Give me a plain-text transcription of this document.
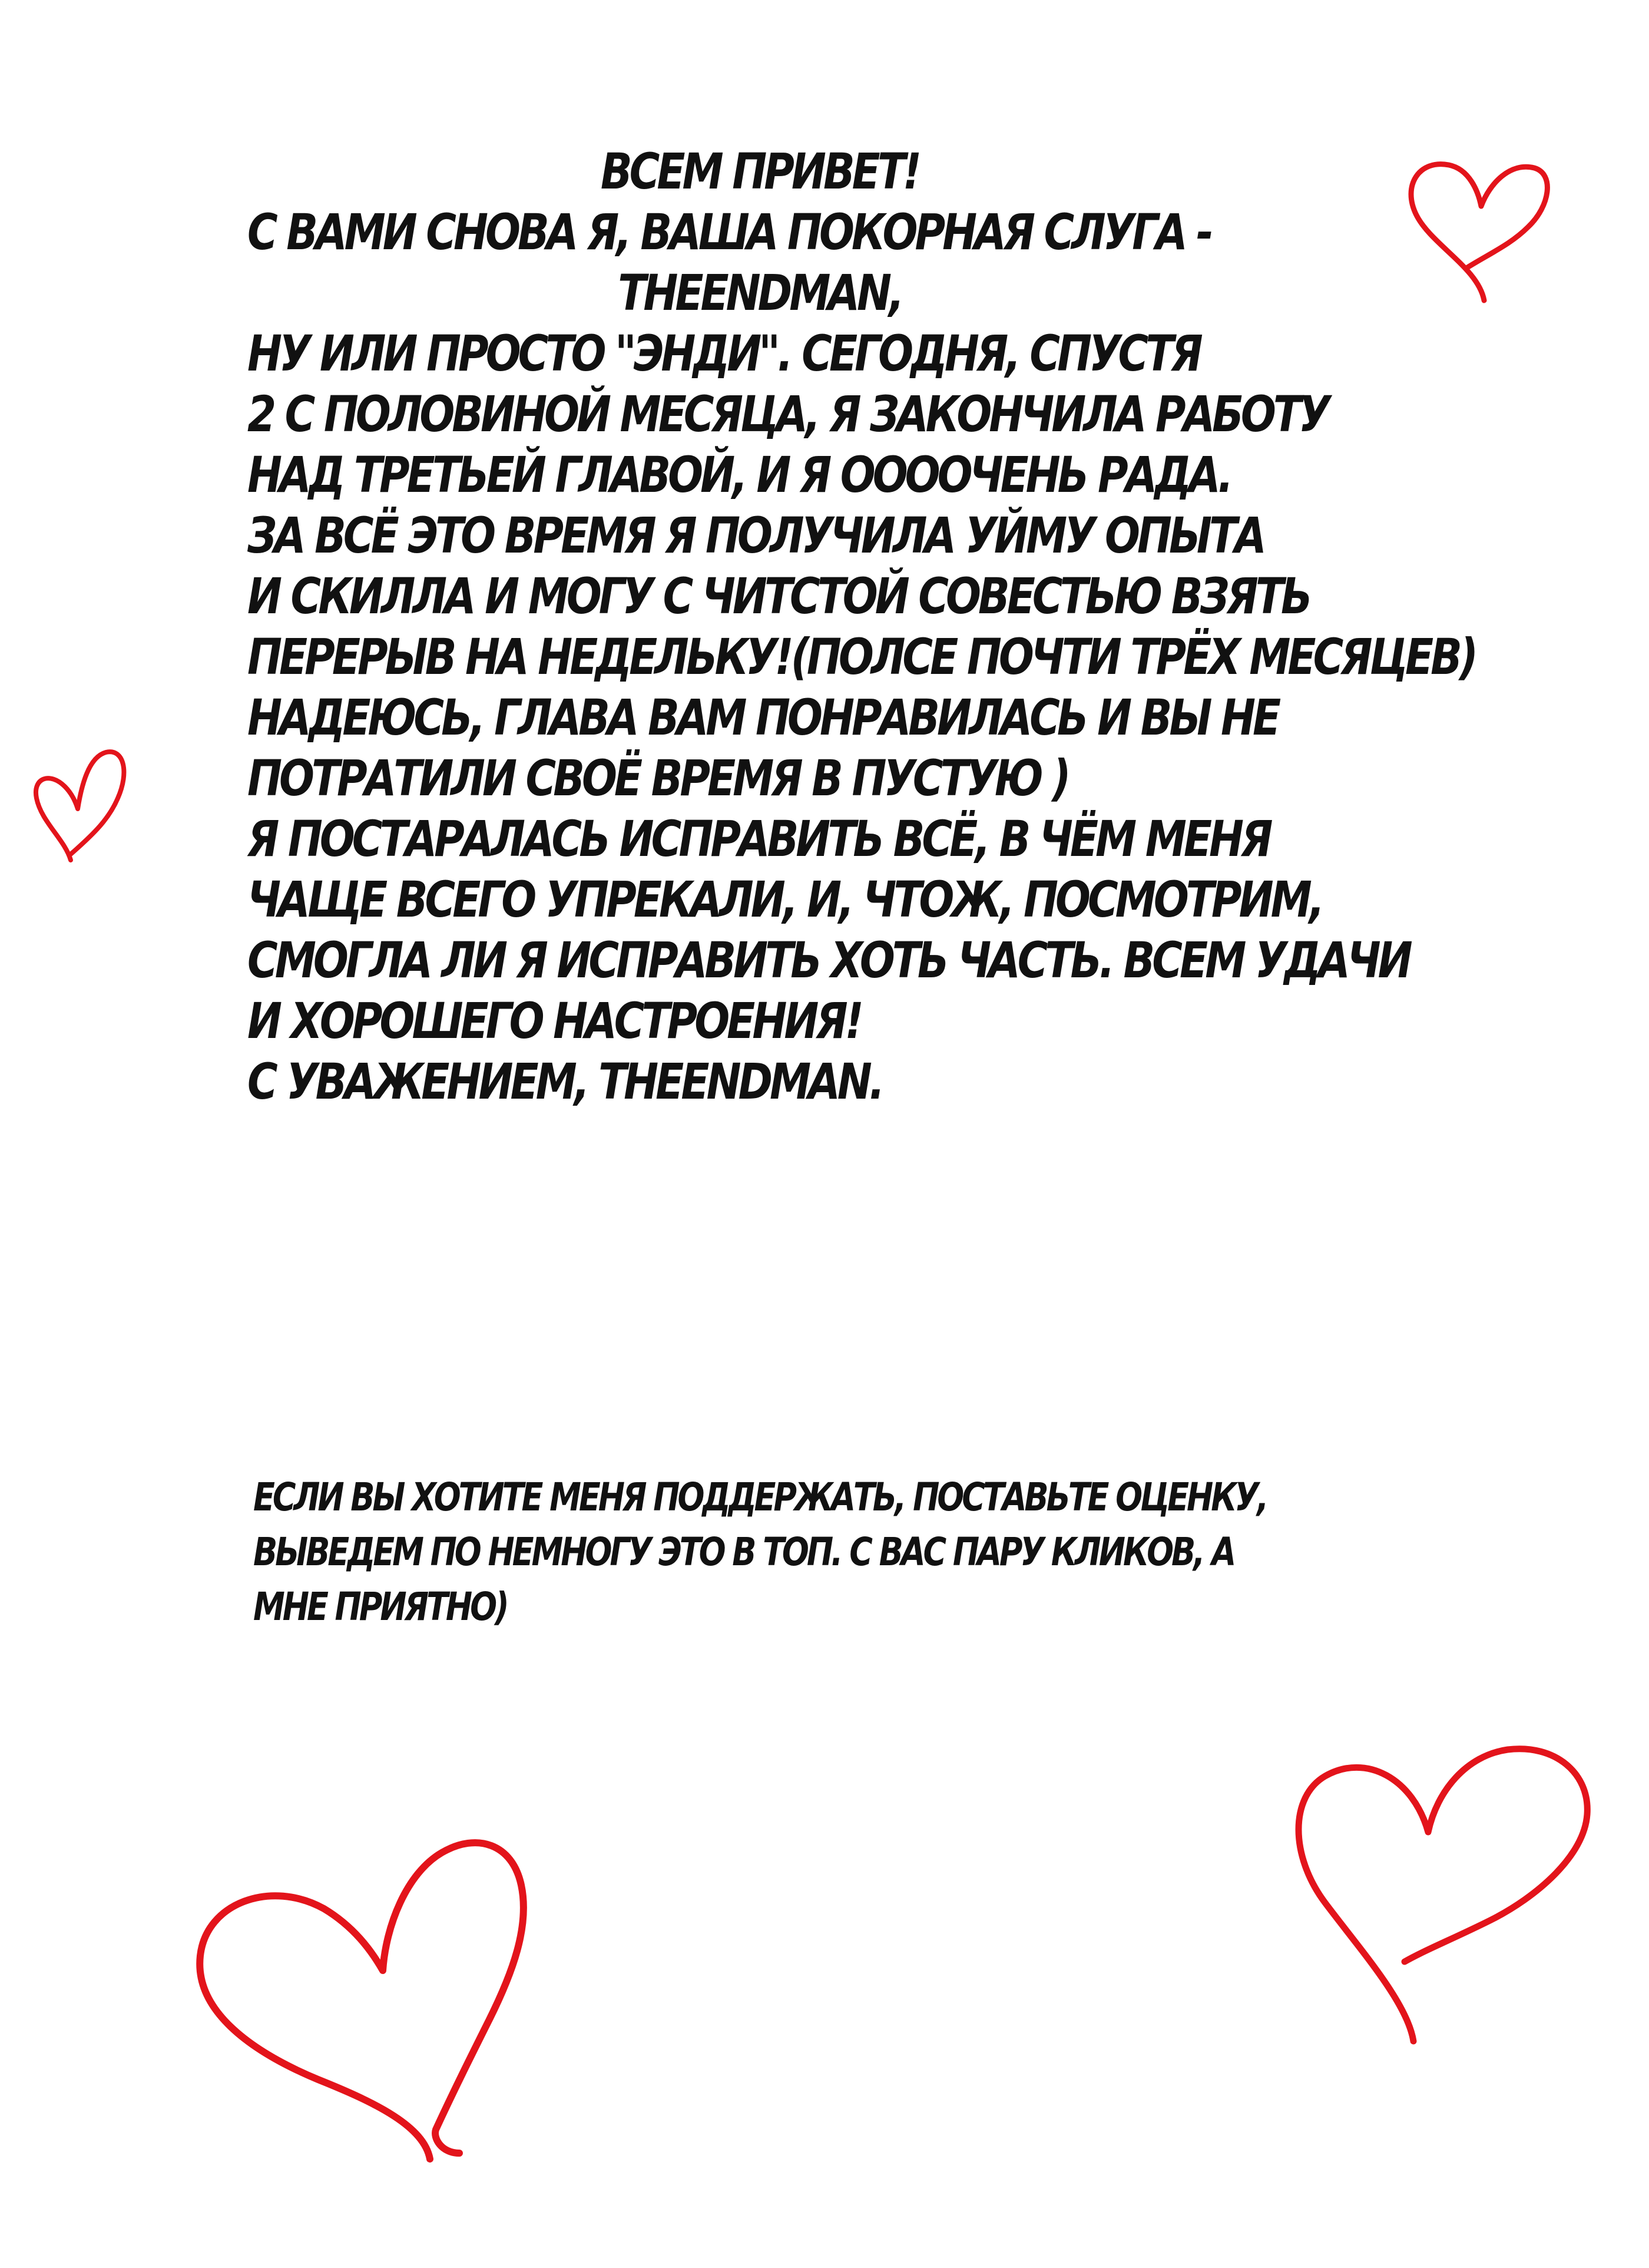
ВСЕМ ПРИВЕТ!
С ВАМИ СНОВА Я, ВАША ПОКОРНАЯ СЛУГА -
THEENDMAN,
НУ ИЛИ ПРОСТО "ЭНДИ". СЕГОДНЯ, СПУСТЯ
2 С ПОЛОВИНОЙ МЕСЯЦА, Я ЗАКОНЧИЛА РАБОТУ
НАД ТРЕТЬЕЙ ГЛАВОЙ, И Я ООООЧЕНЬ РАДА.
ЗА ВСЁ ЭТО ВРЕМЯ Я ПОЛУЧИЛА УЙМУ ОПЫТА
И СКИЛЛА И МОГУ С ЧИТСТОЙ СОВЕСТЬЮ ВЗЯТЬ
ПЕРЕРЫВ НА НЕДЕЛЬКУ!(ПОЛСЕ ПОЧТИ ТРЁХ МЕСЯЦЕВ)
НАДЕЮСЬ, ГЛАВА ВАМ ПОНРАВИЛАСЬ И ВЫ НЕ
ПОТРАТИЛИ СВОЁ ВРЕМЯ В ПУСТУЮ )
Я ПОСТАРАЛАСЬ ИСПРАВИТЬ ВСЁ, В ЧЁМ МЕНЯ
ЧАЩЕ ВСЕГО УПРЕКАЛИ, И, ЧТОЖ, ПОСМОТРИМ,
СМОГЛА ЛИ Я ИСПРАВИТЬ ХОТЬ ЧАСТЬ. ВСЕМ УДАЧИ
И ХОРОШЕГО НАСТРОЕНИЯ!
С УВАЖЕНИЕМ, THEENDMAN.
ЕСЛИ ВЫ ХОТИТЕ МЕНЯ ПОДДЕРЖАТЬ, ПОСТАВЬТЕ ОЦЕНКУ,
ВЫВЕДЕМ ПО НЕМНОГУ ЭТО В ТОП. С ВАС ПАРУ КЛИКОВ, А
МНЕ ПРИЯТНО)
